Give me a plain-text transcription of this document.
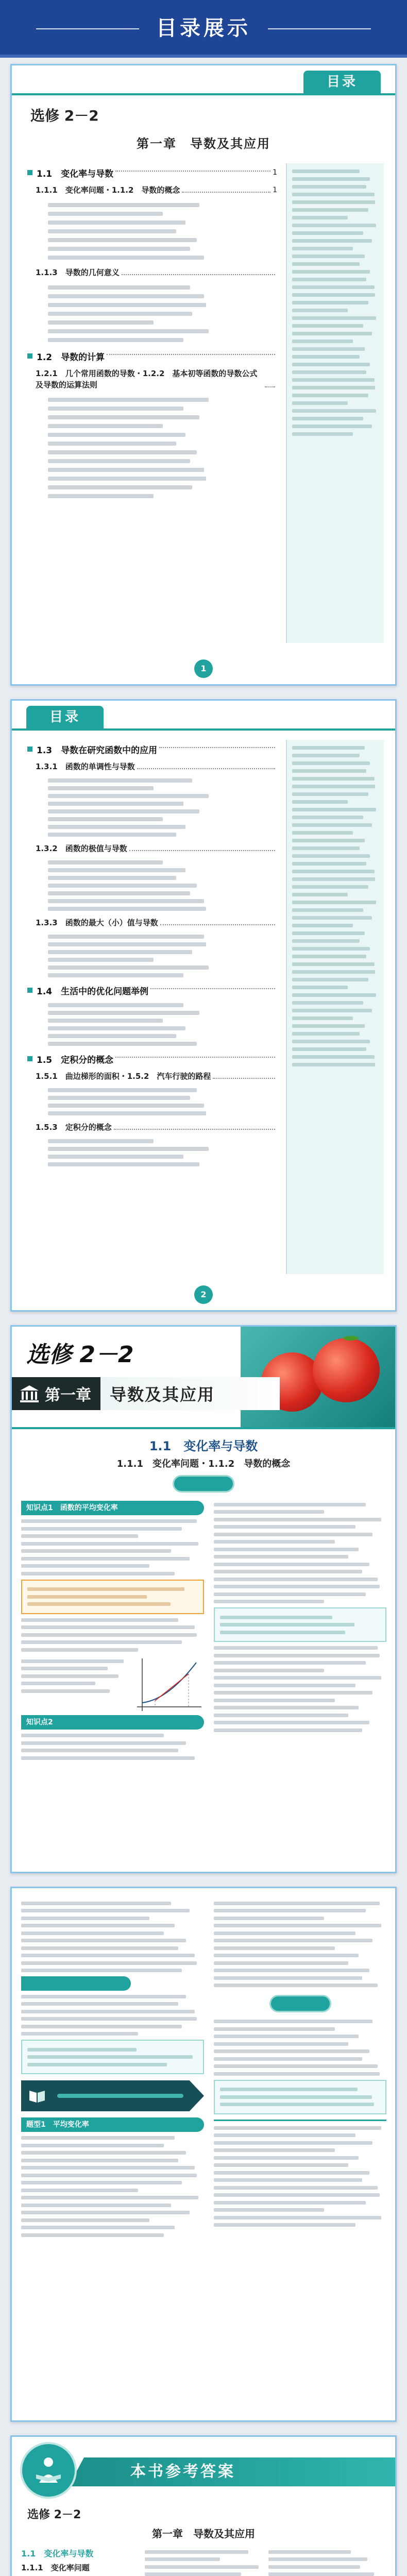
目录展示
目录
选修 2－2
第一章　导数及其应用
1.1　变化率与导数	1
1.1.1　变化率问题・1.1.2　导数的概念	1
1.1.3　导数的几何意义
1.2　导数的计算
1.2.1　几个常用函数的导数・1.2.2　基本初等函数的导数公式及导数的运算法则
1
目录
1.3　导数在研究函数中的应用
1.3.1　函数的单调性与导数
1.3.2　函数的极值与导数
1.3.3　函数的最大（小）值与导数
1.4　生活中的优化问题举例
1.5　定积分的概念
1.5.1　曲边梯形的面积・1.5.2　汽车行驶的路程
1.5.3　定积分的概念
2
选修 2－2
第一章 导数及其应用
1.1　变化率与导数
1.1.1　变化率问题・1.1.2　导数的概念
知识点1　函数的平均变化率
知识点2
题型1　平均变化率
本书参考答案
选修 2－2
第一章　导数及其应用
1.1　变化率与导数
1.1.1　变化率问题
